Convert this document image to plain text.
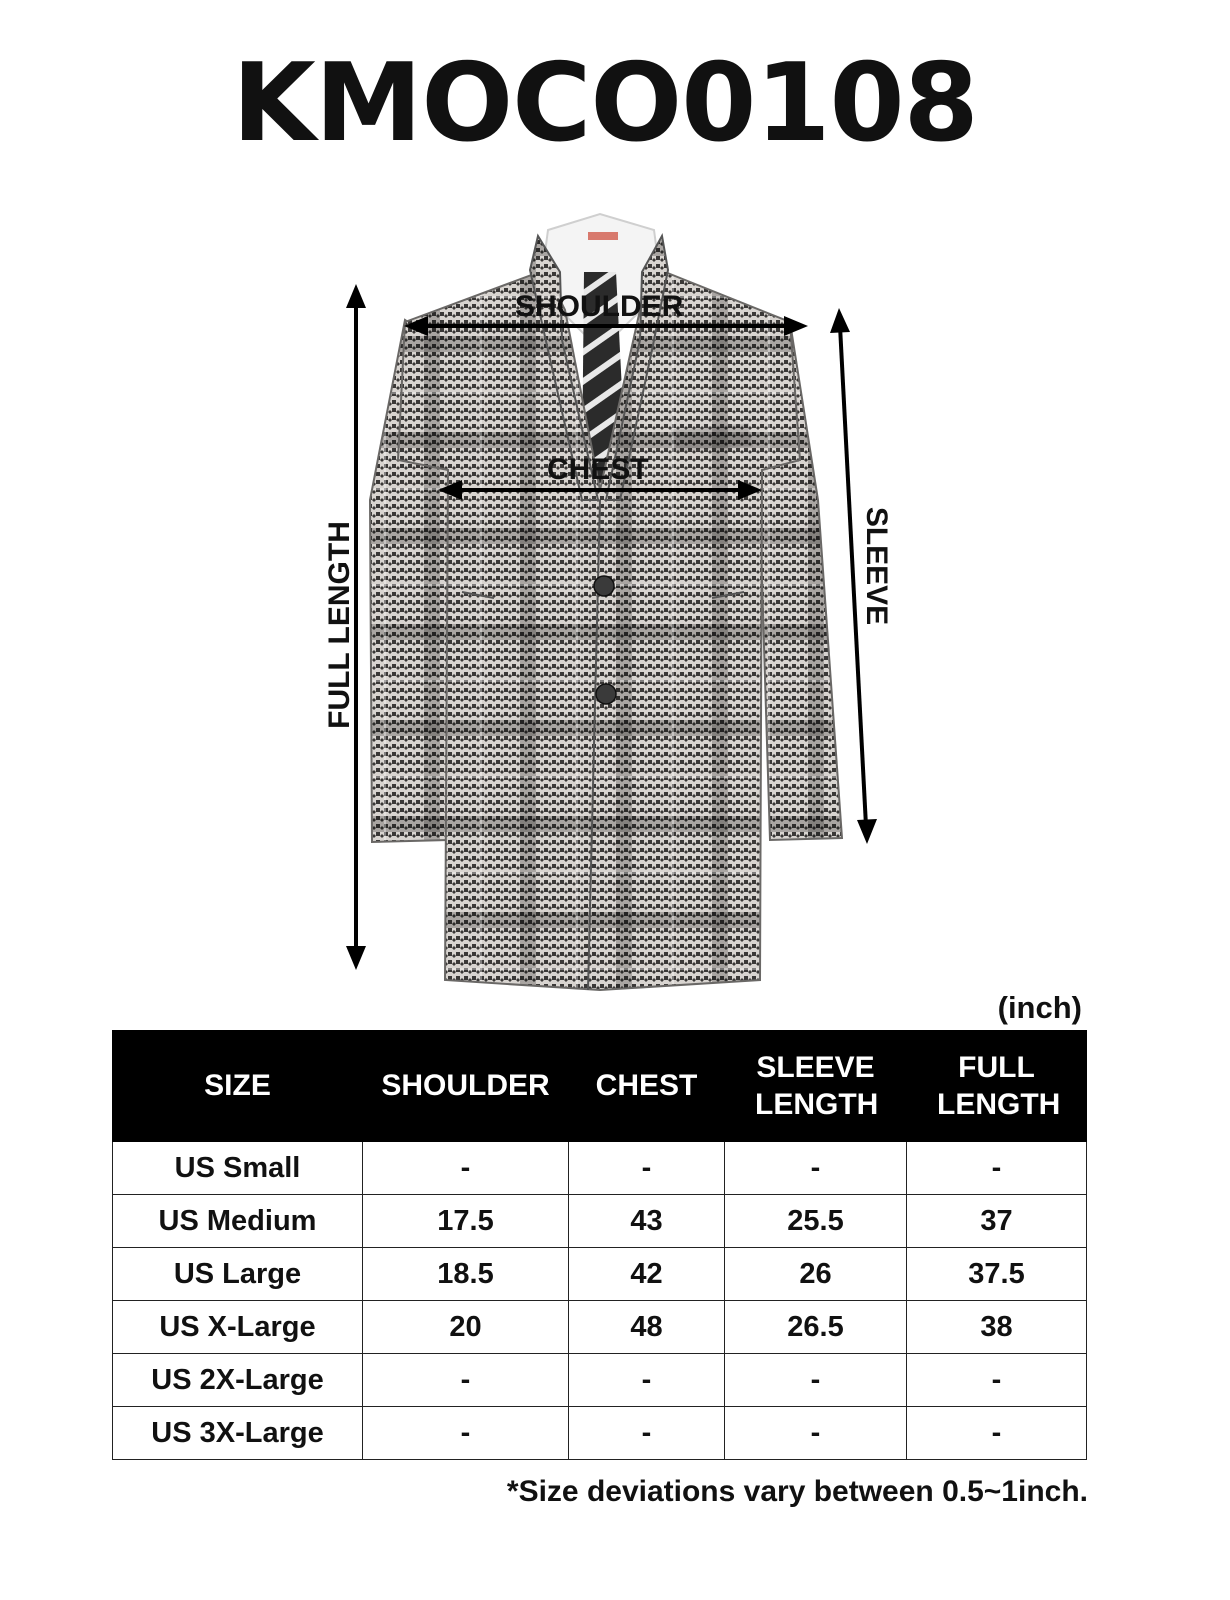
KMOCO0108
SHOULDER
CHEST
FULL LENGTH	SLEEVE
(inch)
SIZE	SHOULDER	CHEST	SLEEVE LENGTH	FULL LENGTH
US Small	-	-	-	-
US Medium	17.5	43	25.5	37
US Large	18.5	42	26	37.5
US X-Large	20	48	26.5	38
US 2X-Large	-	-	-	-
US 3X-Large	-	-	-	-
*Size deviations vary between 0.5~1inch.
